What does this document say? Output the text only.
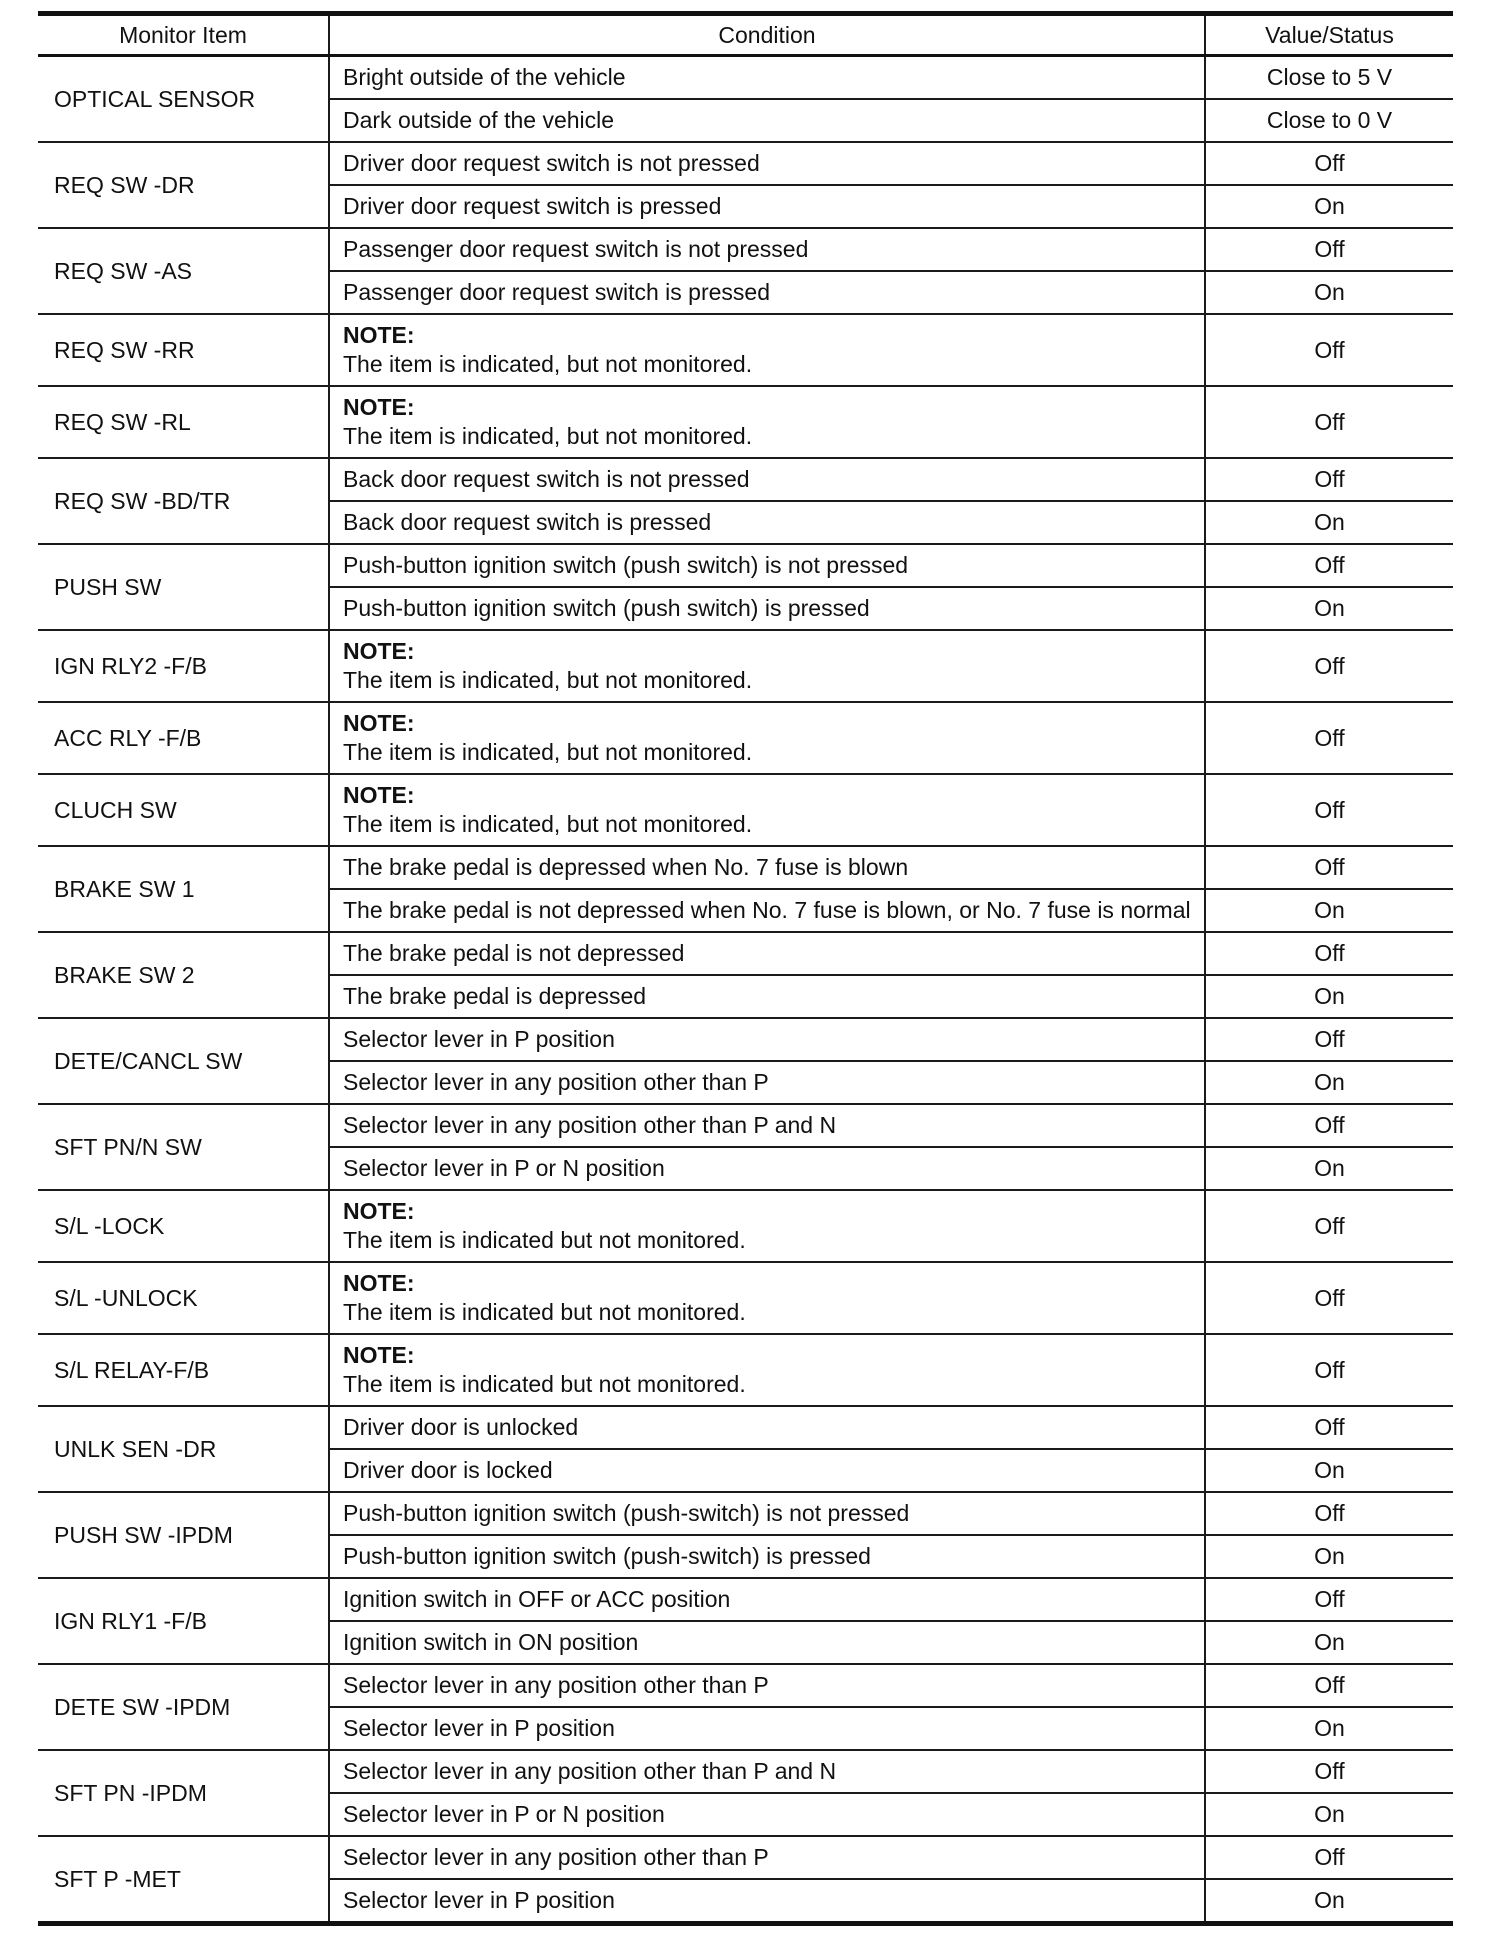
Monitor Item	Condition	Value/Status
OPTICAL SENSOR	Bright outside of the vehicle	Close to 5 V
	Dark outside of the vehicle	Close to 0 V
REQ SW -DR	Driver door request switch is not pressed	Off
	Driver door request switch is pressed	On
REQ SW -AS	Passenger door request switch is not pressed	Off
	Passenger door request switch is pressed	On
REQ SW -RR	NOTE:
The item is indicated, but not monitored.	Off
REQ SW -RL	NOTE:
The item is indicated, but not monitored.	Off
REQ SW -BD/TR	Back door request switch is not pressed	Off
	Back door request switch is pressed	On
PUSH SW	Push-button ignition switch (push switch) is not pressed	Off
	Push-button ignition switch (push switch) is pressed	On
IGN RLY2 -F/B	NOTE:
The item is indicated, but not monitored.	Off
ACC RLY -F/B	NOTE:
The item is indicated, but not monitored.	Off
CLUCH SW	NOTE:
The item is indicated, but not monitored.	Off
BRAKE SW 1	The brake pedal is depressed when No. 7 fuse is blown	Off
	The brake pedal is not depressed when No. 7 fuse is blown, or No. 7 fuse is normal	On
BRAKE SW 2	The brake pedal is not depressed	Off
	The brake pedal is depressed	On
DETE/CANCL SW	Selector lever in P position	Off
	Selector lever in any position other than P	On
SFT PN/N SW	Selector lever in any position other than P and N	Off
	Selector lever in P or N position	On
S/L -LOCK	NOTE:
The item is indicated but not monitored.	Off
S/L -UNLOCK	NOTE:
The item is indicated but not monitored.	Off
S/L RELAY-F/B	NOTE:
The item is indicated but not monitored.	Off
UNLK SEN -DR	Driver door is unlocked	Off
	Driver door is locked	On
PUSH SW -IPDM	Push-button ignition switch (push-switch) is not pressed	Off
	Push-button ignition switch (push-switch) is pressed	On
IGN RLY1 -F/B	Ignition switch in OFF or ACC position	Off
	Ignition switch in ON position	On
DETE SW -IPDM	Selector lever in any position other than P	Off
	Selector lever in P position	On
SFT PN -IPDM	Selector lever in any position other than P and N	Off
	Selector lever in P or N position	On
SFT P -MET	Selector lever in any position other than P	Off
	Selector lever in P position	On
